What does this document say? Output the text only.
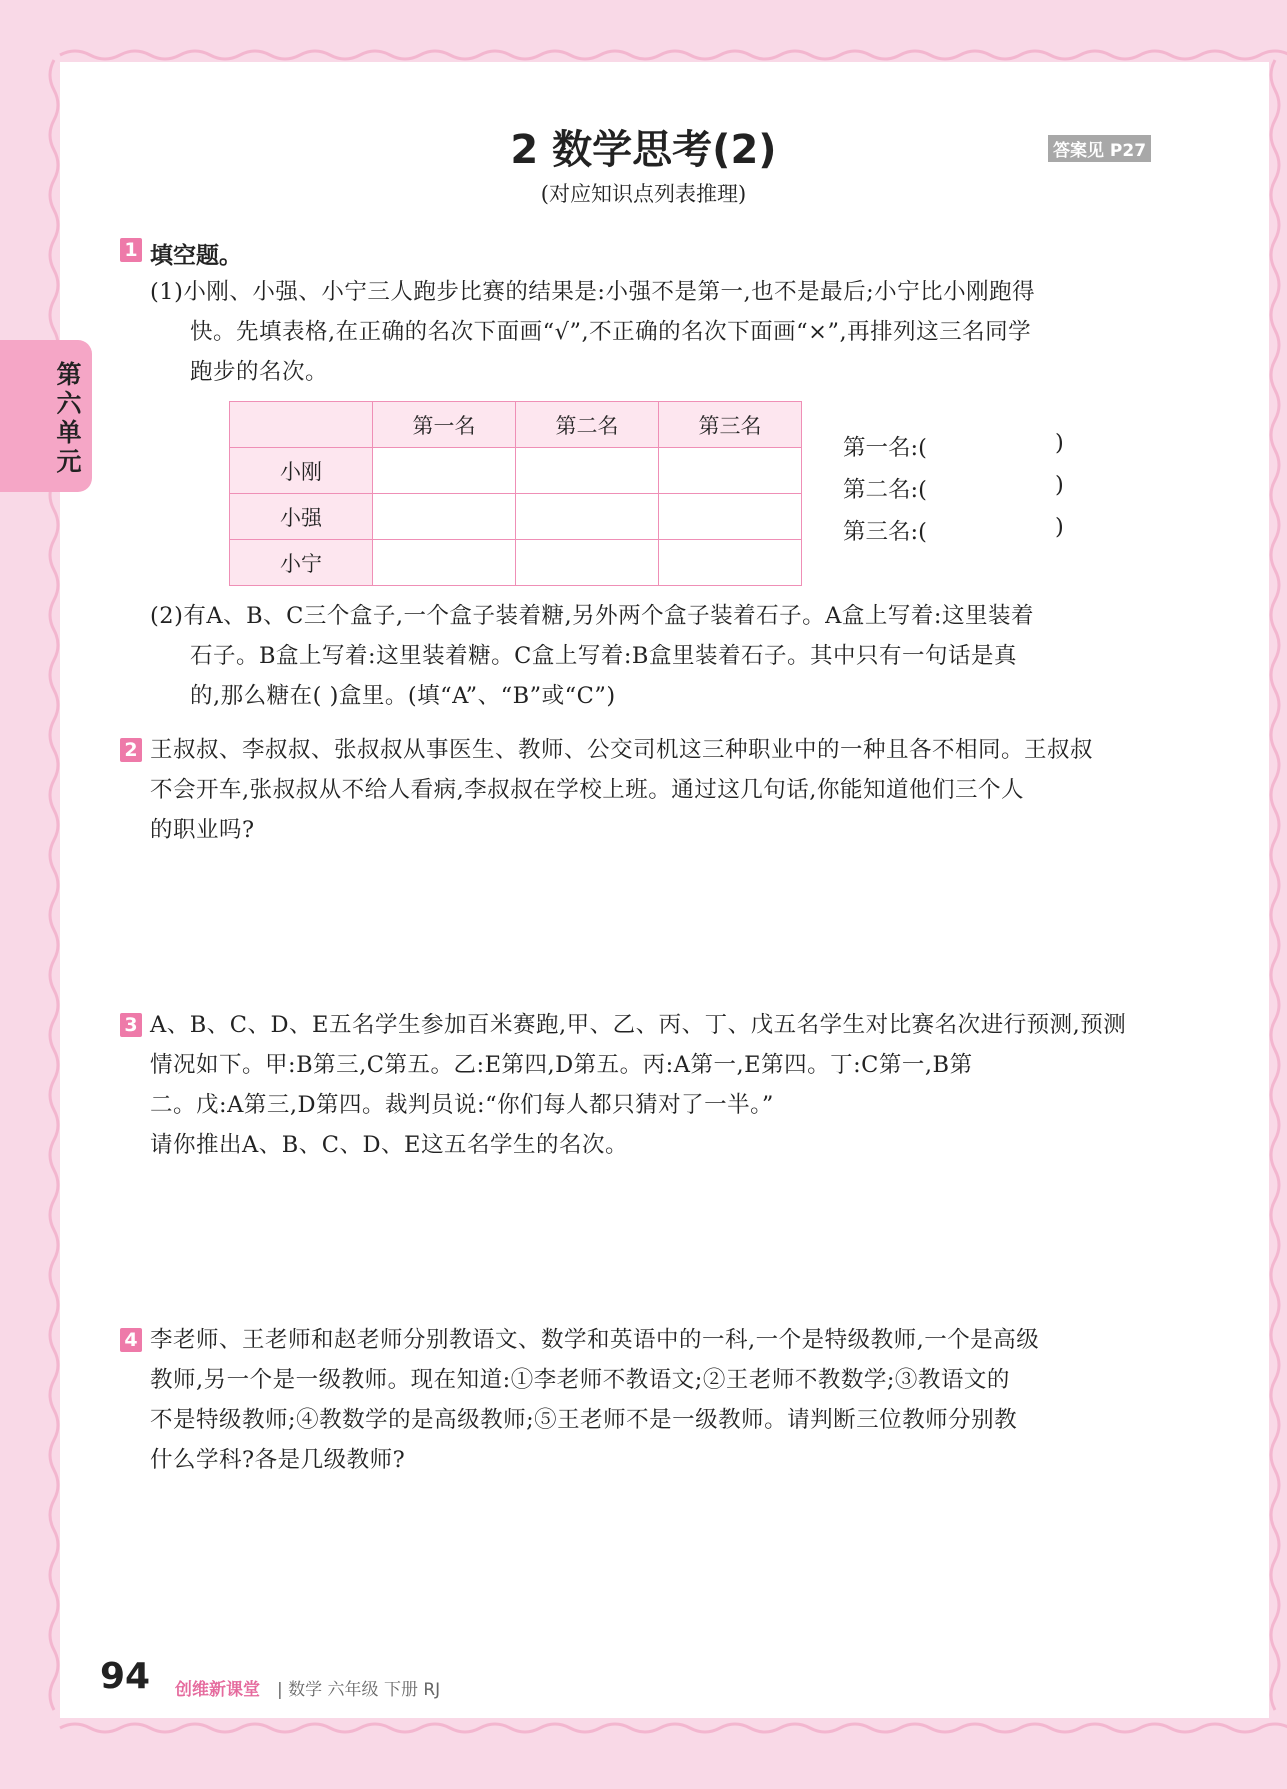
第六单元
2 数学思考(2)
(对应知识点列表推理)
答案见 P27
1 填空题。
(1)小刚、小强、小宁三人跑步比赛的结果是:小强不是第一,也不是最后;小宁比小刚跑得
快。先填表格,在正确的名次下面画“√”,不正确的名次下面画“×”,再排列这三名同学
跑步的名次。
	第一名	第二名	第三名
小刚			
小强			
小宁			
第一名:(	)
第二名:(	)
第三名:(	)
(2)有A、B、C三个盒子,一个盒子装着糖,另外两个盒子装着石子。A盒上写着:这里装着
石子。B盒上写着:这里装着糖。C盒上写着:B盒里装着石子。其中只有一句话是真
的,那么糖在( )盒里。(填“A”、“B”或“C”)
2 王叔叔、李叔叔、张叔叔从事医生、教师、公交司机这三种职业中的一种且各不相同。王叔叔
不会开车,张叔叔从不给人看病,李叔叔在学校上班。通过这几句话,你能知道他们三个人
的职业吗?
3 A、B、C、D、E五名学生参加百米赛跑,甲、乙、丙、丁、戊五名学生对比赛名次进行预测,预测
情况如下。甲:B第三,C第五。乙:E第四,D第五。丙:A第一,E第四。丁:C第一,B第
二。戊:A第三,D第四。裁判员说:“你们每人都只猜对了一半。”
请你推出A、B、C、D、E这五名学生的名次。
4 李老师、王老师和赵老师分别教语文、数学和英语中的一科,一个是特级教师,一个是高级
教师,另一个是一级教师。现在知道:①李老师不教语文;②王老师不教数学;③教语文的
不是特级教师;④教数学的是高级教师;⑤王老师不是一级教师。请判断三位教师分别教
什么学科?各是几级教师?
94 创维新课堂 | 数学 六年级 下册 RJ
